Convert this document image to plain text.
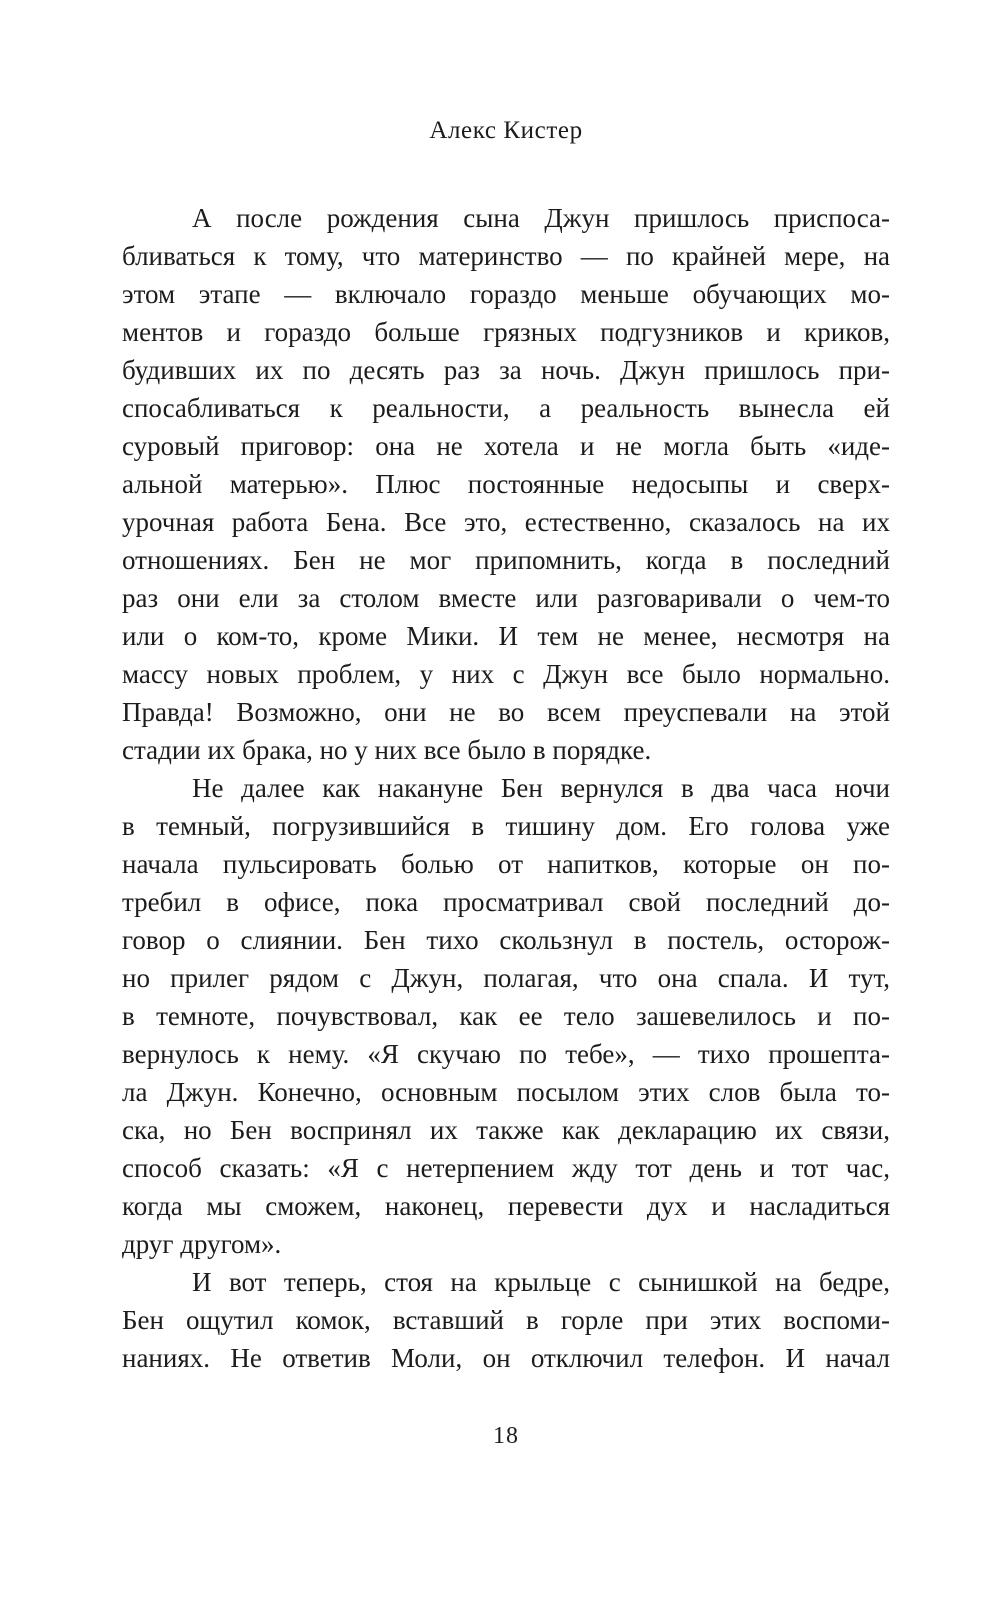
Алекс Кистер
А после рождения сына Джун пришлось приспоса-
бливаться к тому, что материнство — по крайней мере, на
этом этапе — включало гораздо меньше обучающих мо-
ментов и гораздо больше грязных подгузников и криков,
будивших их по десять раз за ночь. Джун пришлось при-
спосабливаться к реальности, а реальность вынесла ей
суровый приговор: она не хотела и не могла быть «иде-
альной матерью». Плюс постоянные недосыпы и сверх-
урочная работа Бена. Все это, естественно, сказалось на их
отношениях. Бен не мог припомнить, когда в последний
раз они ели за столом вместе или разговаривали о чем-то
или о ком-то, кроме Мики. И тем не менее, несмотря на
массу новых проблем, у них с Джун все было нормально.
Правда! Возможно, они не во всем преуспевали на этой
стадии их брака, но у них все было в порядке.
Не далее как накануне Бен вернулся в два часа ночи
в темный, погрузившийся в тишину дом. Его голова уже
начала пульсировать болью от напитков, которые он по-
требил в офисе, пока просматривал свой последний до-
говор о слиянии. Бен тихо скользнул в постель, осторож-
но прилег рядом с Джун, полагая, что она спала. И тут,
в темноте, почувствовал, как ее тело зашевелилось и по-
вернулось к нему. «Я скучаю по тебе», — тихо прошепта-
ла Джун. Конечно, основным посылом этих слов была то-
ска, но Бен воспринял их также как декларацию их связи,
способ сказать: «Я с нетерпением жду тот день и тот час,
когда мы сможем, наконец, перевести дух и насладиться
друг другом».
И вот теперь, стоя на крыльце с сынишкой на бедре,
Бен ощутил комок, вставший в горле при этих воспоми-
наниях. Не ответив Моли, он отключил телефон. И начал
18
